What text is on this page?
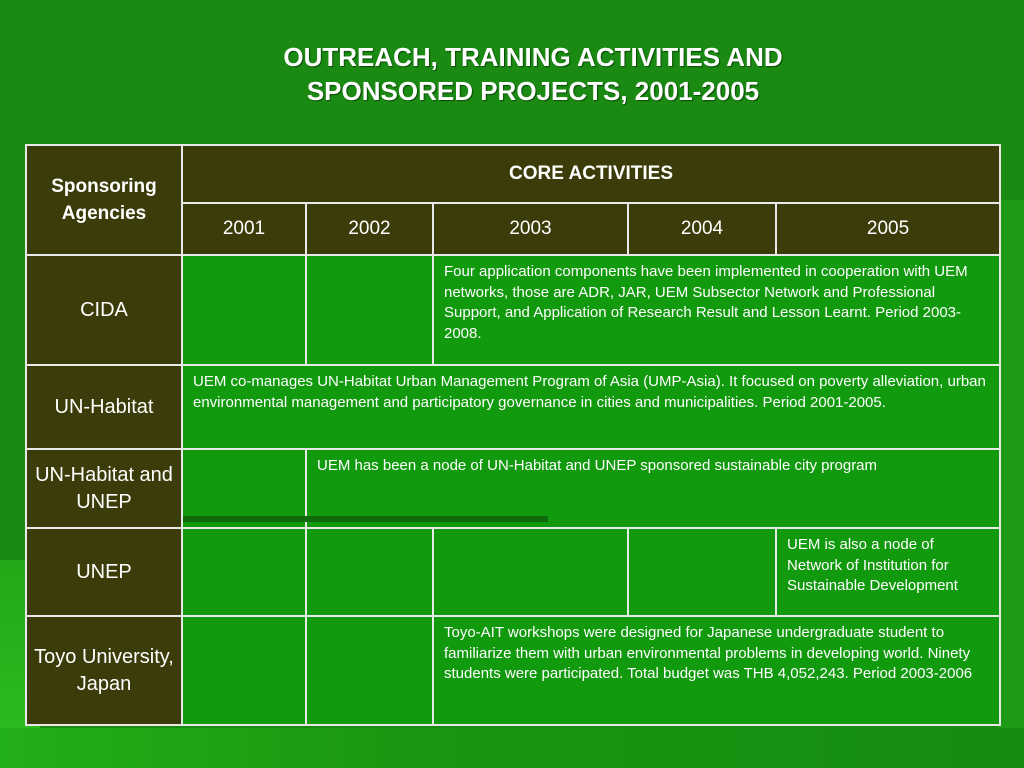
OUTREACH, TRAINING ACTIVITIES AND
SPONSORED PROJECTS, 2001-2005
Sponsoring Agencies	CORE ACTIVITIES				
	2001	2002	2003	2004	2005
CIDA			Four application components have been implemented in cooperation with UEM networks, those are ADR, JAR, UEM Subsector Network and Professional Support, and Application of Research Result and Lesson Learnt. Period 2003-2008.		
UN-Habitat	UEM co-manages UN-Habitat Urban Management Program of Asia (UMP-Asia). It focused on poverty alleviation, urban environmental management and participatory governance in cities and municipalities. Period 2001-2005.				
UN-Habitat and UNEP		UEM has been a node of UN-Habitat and UNEP sponsored sustainable city program			
UNEP					UEM is also a node of Network of Institution for Sustainable Development
Toyo University, Japan			Toyo-AIT workshops were designed for Japanese undergraduate student to familiarize them with urban environmental problems in developing world. Ninety students were participated. Total budget was THB 4,052,243. Period 2003-2006		
